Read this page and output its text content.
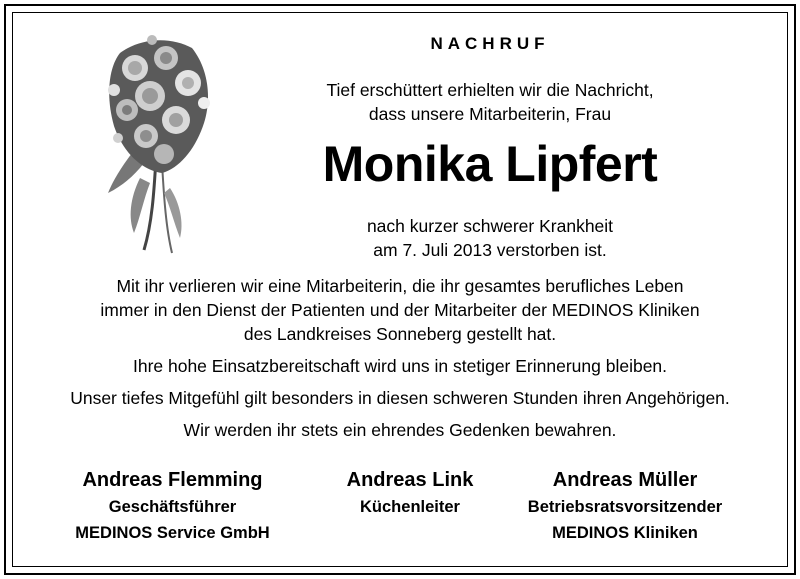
NACHRUF
Tief erschüttert erhielten wir die Nachricht,
dass unsere Mitarbeiterin, Frau
Monika Lipfert
nach kurzer schwerer Krankheit
am 7. Juli 2013 verstorben ist.

Mit ihr verlieren wir eine Mitarbeiterin, die ihr gesamtes berufliches Leben
immer in den Dienst der Patienten und der Mitarbeiter der MEDINOS Kliniken
des Landkreises Sonneberg gestellt hat.

Ihre hohe Einsatzbereitschaft wird uns in stetiger Erinnerung bleiben.

Unser tiefes Mitgefühl gilt besonders in diesen schweren Stunden ihren Angehörigen.

Wir werden ihr stets ein ehrendes Gedenken bewahren.

Andreas Flemming
Geschäftsführer
MEDINOS Service GmbH
Andreas Link
Küchenleiter
Andreas Müller
Betriebsratsvorsitzender
MEDINOS Kliniken
